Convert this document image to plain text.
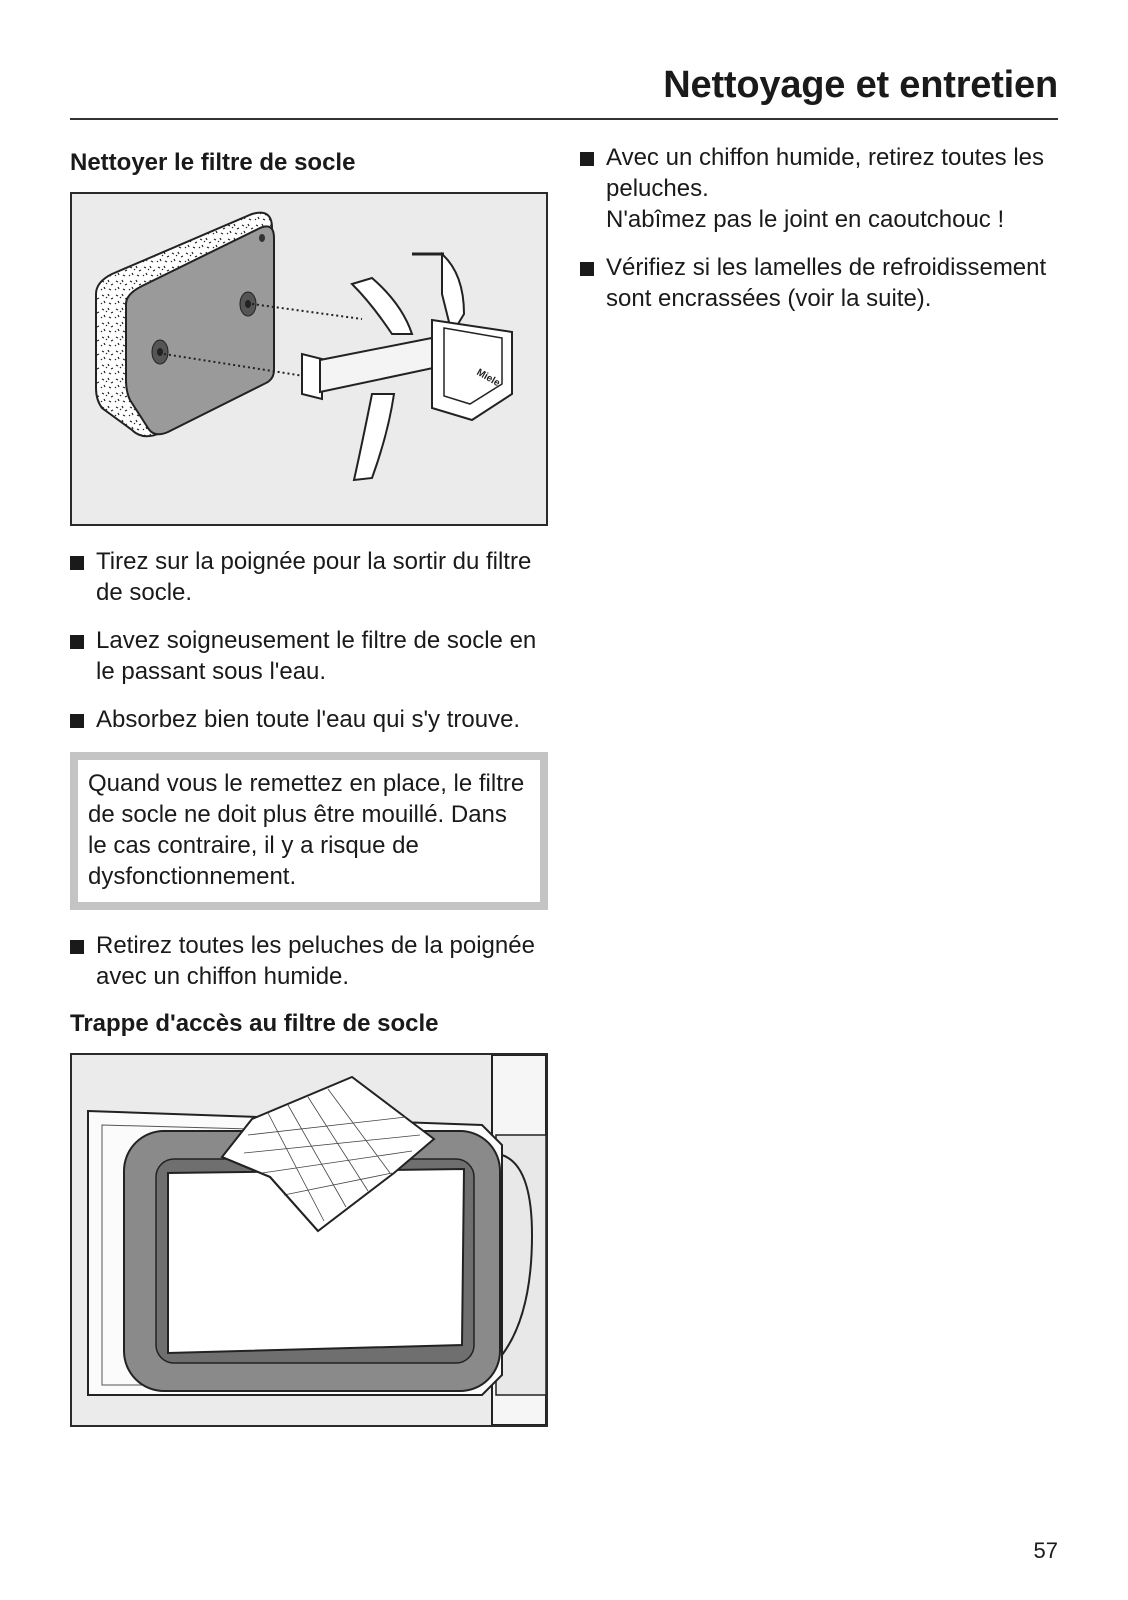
Nettoyage et entretien
Nettoyer le filtre de socle
Miele
Tirez sur la poignée pour la sortir du filtre de socle.
Lavez soigneusement le filtre de socle en le passant sous l'eau.
Absorbez bien toute l'eau qui s'y trouve.
Quand vous le remettez en place, le filtre de socle ne doit plus être mouillé. Dans le cas contraire, il y a risque de dysfonctionnement.
Retirez toutes les peluches de la poignée avec un chiffon humide.
Trappe d'accès au filtre de socle
Avec un chiffon humide, retirez toutes les peluches.
N'abîmez pas le joint en caoutchouc !
Vérifiez si les lamelles de refroidissement sont encrassées (voir la suite).
57
